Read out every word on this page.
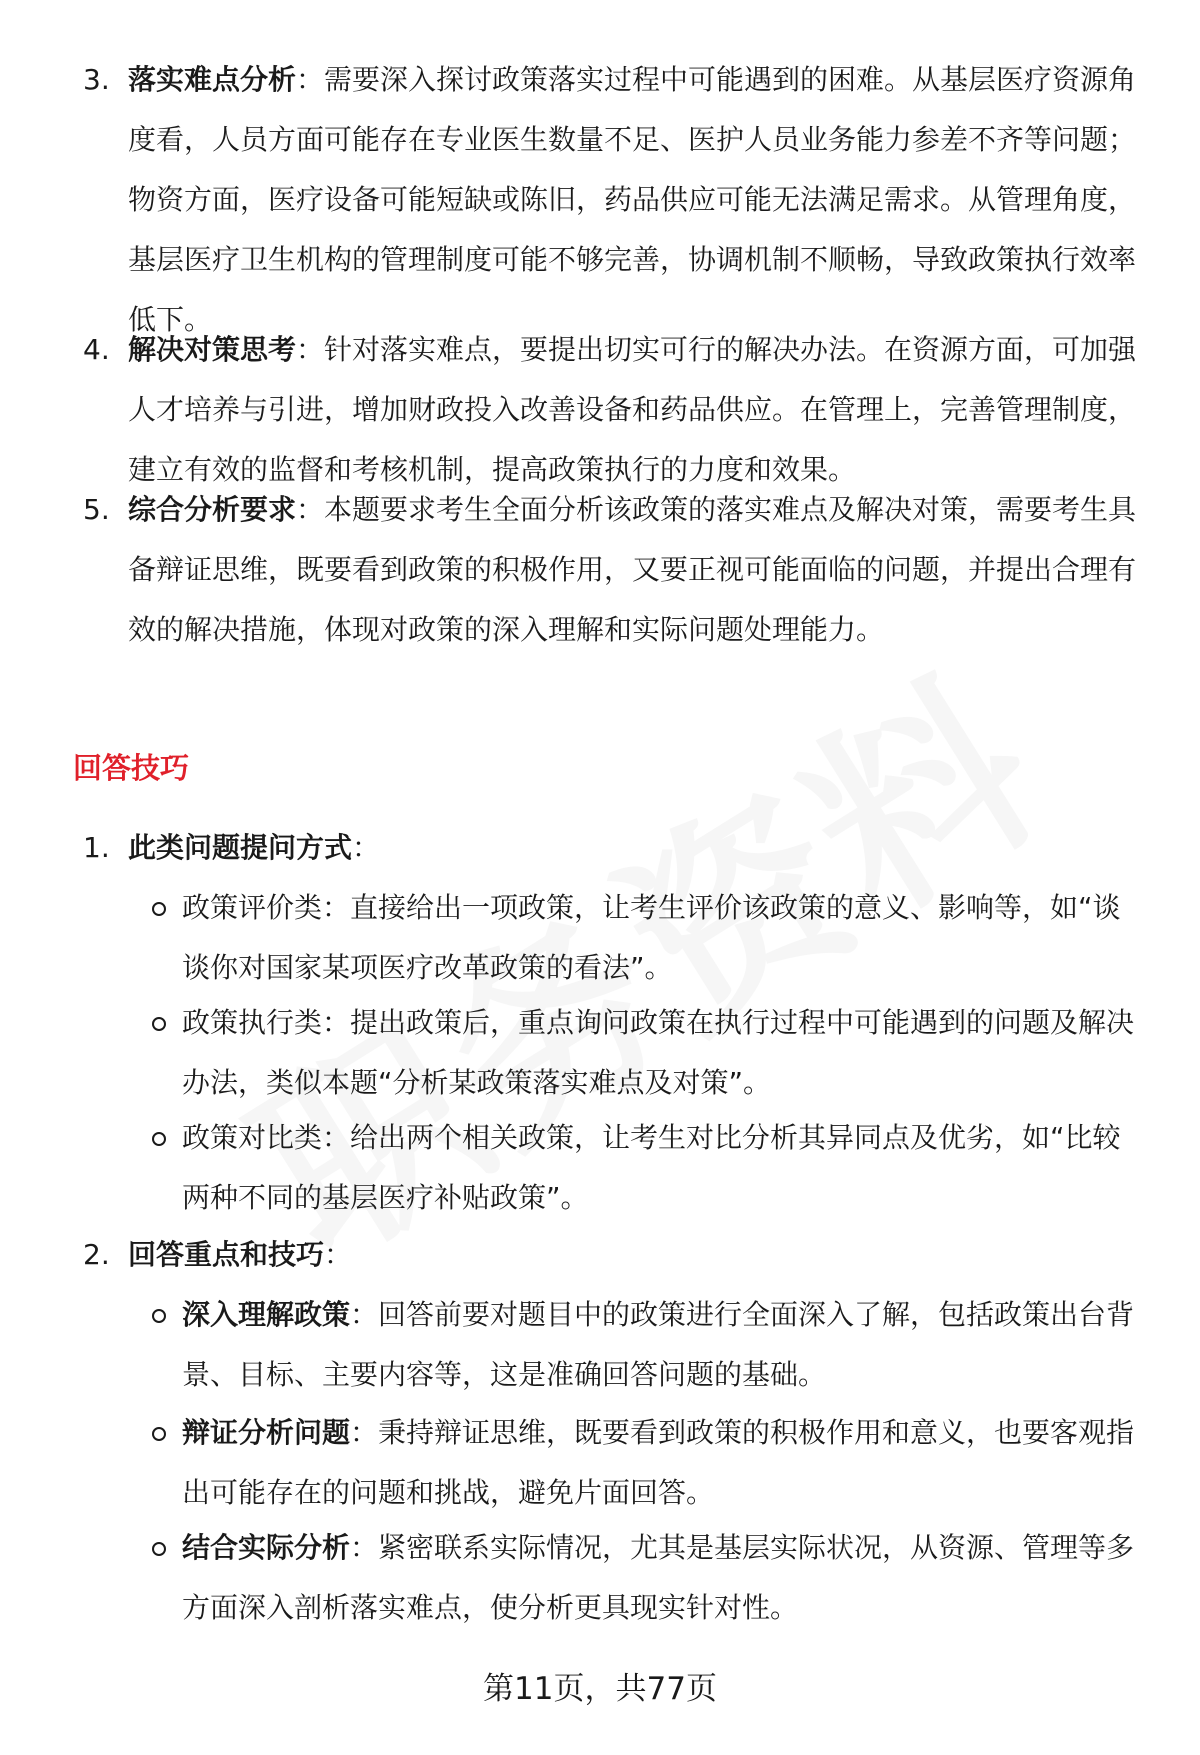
3. 落实难点分析：需要深入探讨政策落实过程中可能遇到的困难。从基层医疗资源角度看，人员方面可能存在专业医生数量不足、医护人员业务能力参差不齐等问题；物资方面，医疗设备可能短缺或陈旧，药品供应可能无法满足需求。从管理角度，基层医疗卫生机构的管理制度可能不够完善，协调机制不顺畅，导致政策执行效率低下。
4. 解决对策思考：针对落实难点，要提出切实可行的解决办法。在资源方面，可加强人才培养与引进，增加财政投入改善设备和药品供应。在管理上，完善管理制度，建立有效的监督和考核机制，提高政策执行的力度和效果。
5. 综合分析要求：本题要求考生全面分析该政策的落实难点及解决对策，需要考生具备辩证思维，既要看到政策的积极作用，又要正视可能面临的问题，并提出合理有效的解决措施，体现对政策的深入理解和实际问题处理能力。
回答技巧
1. 此类问题提问方式：
政策评价类：直接给出一项政策，让考生评价该政策的意义、影响等，如“谈谈你对国家某项医疗改革政策的看法”。
政策执行类：提出政策后，重点询问政策在执行过程中可能遇到的问题及解决办法，类似本题“分析某政策落实难点及对策”。
政策对比类：给出两个相关政策，让考生对比分析其异同点及优劣，如“比较两种不同的基层医疗补贴政策”。
2. 回答重点和技巧：
深入理解政策：回答前要对题目中的政策进行全面深入了解，包括政策出台背景、目标、主要内容等，这是准确回答问题的基础。
辩证分析问题：秉持辩证思维，既要看到政策的积极作用和意义，也要客观指出可能存在的问题和挑战，避免片面回答。
结合实际分析：紧密联系实际情况，尤其是基层实际状况，从资源、管理等多方面深入剖析落实难点，使分析更具现实针对性。
第11页，共77页
